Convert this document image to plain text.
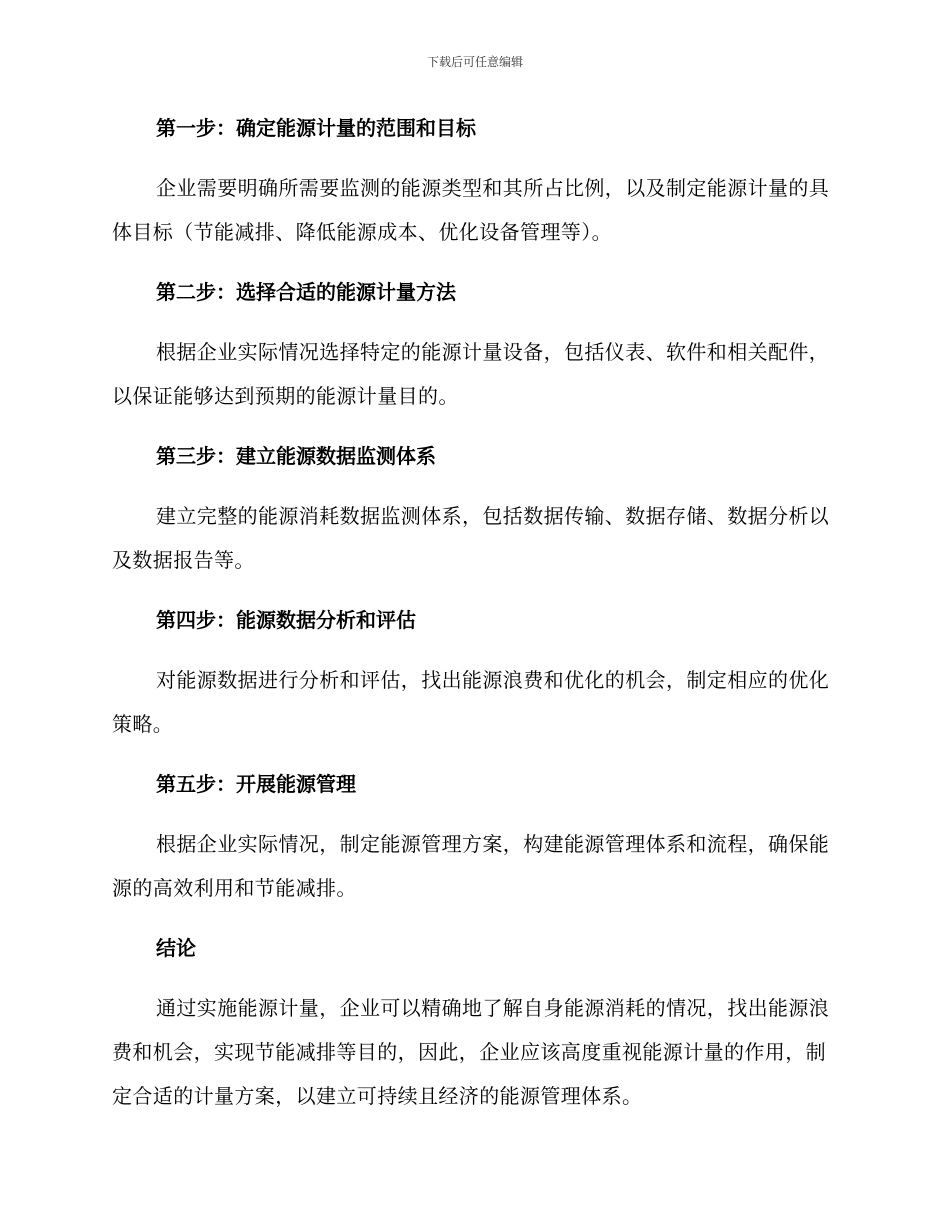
下载后可任意编辑
第一步：确定能源计量的范围和目标
企业需要明确所需要监测的能源类型和其所占比例，以及制定能源计量的具体目标（节能减排、降低能源成本、优化设备管理等）。
第二步：选择合适的能源计量方法
根据企业实际情况选择特定的能源计量设备，包括仪表、软件和相关配件，以保证能够达到预期的能源计量目的。
第三步：建立能源数据监测体系
建立完整的能源消耗数据监测体系，包括数据传输、数据存储、数据分析以及数据报告等。
第四步：能源数据分析和评估
对能源数据进行分析和评估，找出能源浪费和优化的机会，制定相应的优化策略。
第五步：开展能源管理
根据企业实际情况，制定能源管理方案，构建能源管理体系和流程，确保能源的高效利用和节能减排。
结论
通过实施能源计量，企业可以精确地了解自身能源消耗的情况，找出能源浪费和机会，实现节能减排等目的，因此，企业应该高度重视能源计量的作用，制定合适的计量方案，以建立可持续且经济的能源管理体系。
